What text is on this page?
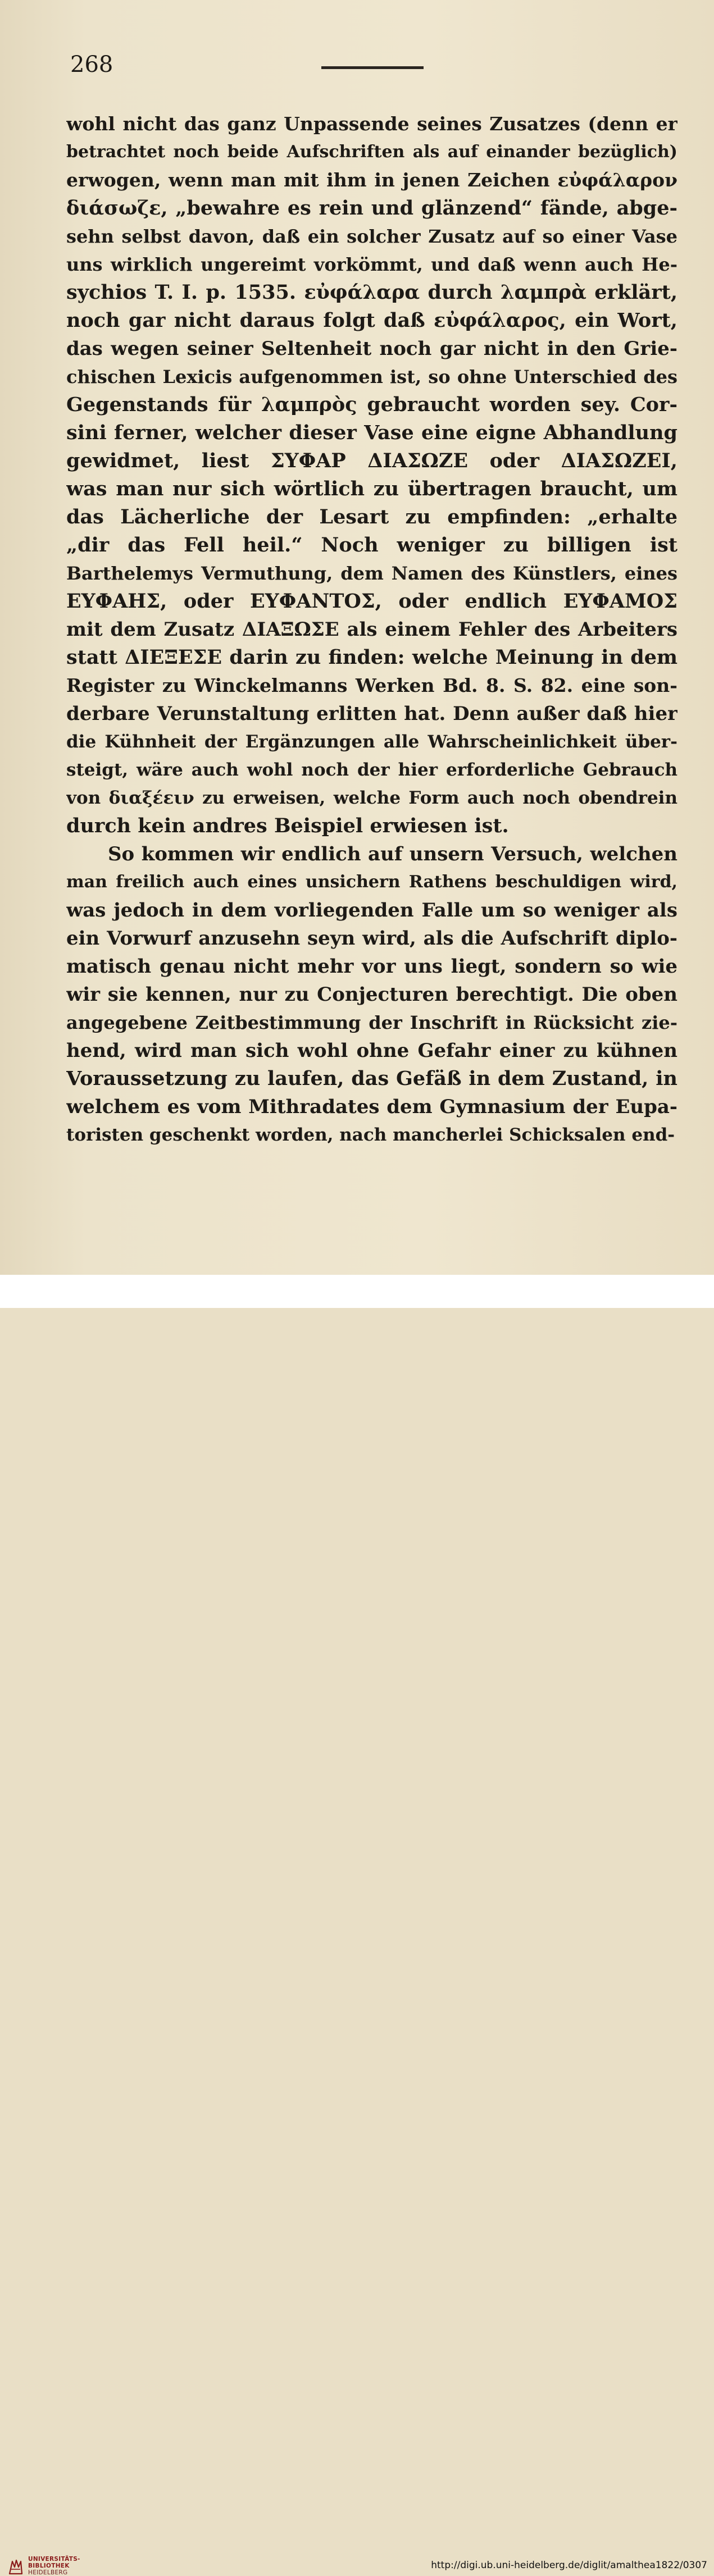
268
wohl nicht das ganz Unpassende seines Zusatzes (denn er
betrachtet noch beide Aufschriften als auf einander bezüglich)
erwogen, wenn man mit ihm in jenen Zeichen εὐφάλαρον
διάσωζε, „bewahre es rein und glänzend“ fände, abge-
sehn selbst davon, daß ein solcher Zusatz auf so einer Vase
uns wirklich ungereimt vorkömmt, und daß wenn auch He-
sychios T. I. p. 1535. εὐφάλαρα durch λαμπρὰ erklärt,
noch gar nicht daraus folgt daß εὐφάλαρος, ein Wort,
das wegen seiner Seltenheit noch gar nicht in den Grie-
chischen Lexicis aufgenommen ist, so ohne Unterschied des
Gegenstands für λαμπρὸς gebraucht worden sey. Cor-
sini ferner, welcher dieser Vase eine eigne Abhandlung
gewidmet, liest ΣΥΦΑΡ ΔΙΑΣΩΖΕ oder ΔΙΑΣΩΖΕΙ,
was man nur sich wörtlich zu übertragen braucht, um
das Lächerliche der Lesart zu empfinden: „erhalte
„dir das Fell heil.“ Noch weniger zu billigen ist
Barthelemys Vermuthung, dem Namen des Künstlers, eines
ΕΥΦΑΗΣ, oder ΕΥΦΑΝΤΟΣ, oder endlich ΕΥΦΑΜΟΣ
mit dem Zusatz ΔΙΑΞΩΣΕ als einem Fehler des Arbeiters
statt ΔΙΕΞΕΣΕ darin zu finden: welche Meinung in dem
Register zu Winckelmanns Werken Bd. 8. S. 82. eine son-
derbare Verunstaltung erlitten hat. Denn außer daß hier
die Kühnheit der Ergänzungen alle Wahrscheinlichkeit über-
steigt, wäre auch wohl noch der hier erforderliche Gebrauch
von διαξέειν zu erweisen, welche Form auch noch obendrein
durch kein andres Beispiel erwiesen ist.
So kommen wir endlich auf unsern Versuch, welchen
man freilich auch eines unsichern Rathens beschuldigen wird,
was jedoch in dem vorliegenden Falle um so weniger als
ein Vorwurf anzusehn seyn wird, als die Aufschrift diplo-
matisch genau nicht mehr vor uns liegt, sondern so wie
wir sie kennen, nur zu Conjecturen berechtigt. Die oben
angegebene Zeitbestimmung der Inschrift in Rücksicht zie-
hend, wird man sich wohl ohne Gefahr einer zu kühnen
Voraussetzung zu laufen, das Gefäß in dem Zustand, in
welchem es vom Mithradates dem Gymnasium der Eupa-
toristen geschenkt worden, nach mancherlei Schicksalen end-
UNIVERSITÄTS-
BIBLIOTHEK
HEIDELBERG
http://digi.ub.uni-heidelberg.de/diglit/amalthea1822/0307
